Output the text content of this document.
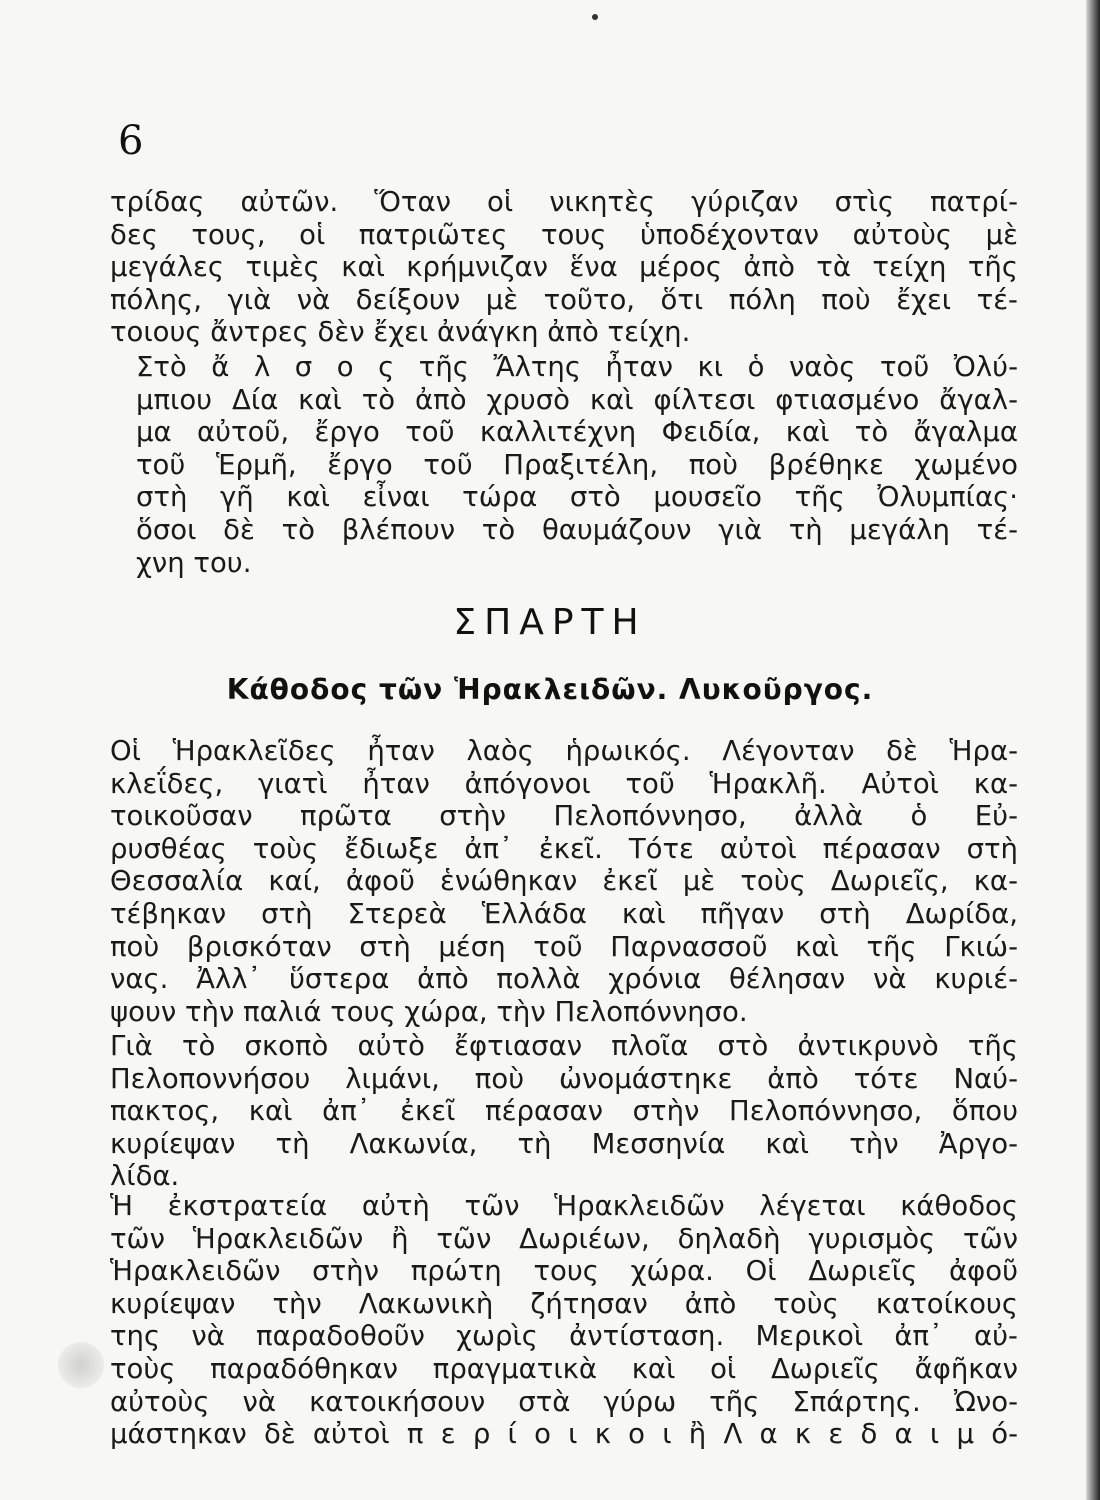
6

τρίδας αὐτῶν. Ὅταν οἱ νικητὲς γύριζαν στὶς πατρί-
δες τους, οἱ πατριῶτες τους ὑποδέχονταν αὐτοὺς μὲ
μεγάλες τιμὲς καὶ κρήμνιζαν ἕνα μέρος ἀπὸ τὰ τείχη τῆς
πόλης, γιὰ νὰ δείξουν μὲ τοῦτο, ὅτι πόλη ποὺ ἔχει τέ-
τοιους ἄντρες δὲν ἔχει ἀνάγκη ἀπὸ τείχη.

Στὸ ἄ λ σ ο ς τῆς Ἄλτης ἦταν κι ὁ ναὸς τοῦ Ὀλύ-
μπιου Δία καὶ τὸ ἀπὸ χρυσὸ καὶ φίλτεσι φτιασμένο ἄγαλ-
μα αὐτοῦ, ἔργο τοῦ καλλιτέχνη Φειδία, καὶ τὸ ἄγαλμα
τοῦ Ἑρμῆ, ἔργο τοῦ Πραξιτέλη, ποὺ βρέθηκε χωμένο
στὴ γῆ καὶ εἶναι τώρα στὸ μουσεῖο τῆς Ὀλυμπίας·
ὅσοι δὲ τὸ βλέπουν τὸ θαυμάζουν γιὰ τὴ μεγάλη τέ-
χνη του.

ΣΠΑΡΤΗ
Κάθοδος τῶν Ἡρακλειδῶν. Λυκοῦργος.

Οἱ Ἡρακλεῖδες ἦταν λαὸς ἡρωικός. Λέγονταν δὲ Ἡρα-
κλεΐδες, γιατὶ ἦταν ἀπόγονοι τοῦ Ἡρακλῆ. Αὐτοὶ κα-
τοικοῦσαν πρῶτα στὴν Πελοπόννησο, ἀλλὰ ὁ Εὐ-
ρυσθέας τοὺς ἔδιωξε ἀπ᾽ ἐκεῖ. Τότε αὐτοὶ πέρασαν στὴ
Θεσσαλία καί, ἀφοῦ ἑνώθηκαν ἐκεῖ μὲ τοὺς Δωριεῖς, κα-
τέβηκαν στὴ Στερεὰ Ἑλλάδα καὶ πῆγαν στὴ Δωρίδα,
ποὺ βρισκόταν στὴ μέση τοῦ Παρνασσοῦ καὶ τῆς Γκιώ-
νας. Ἀλλ᾽ ὕστερα ἀπὸ πολλὰ χρόνια θέλησαν νὰ κυριέ-
ψουν τὴν παλιά τους χώρα, τὴν Πελοπόννησο.

Γιὰ τὸ σκοπὸ αὐτὸ ἔφτιασαν πλοῖα στὸ ἀντικρυνὸ τῆς
Πελοποννήσου λιμάνι, ποὺ ὠνομάστηκε ἀπὸ τότε Ναύ-
πακτος, καὶ ἀπ᾽ ἐκεῖ πέρασαν στὴν Πελοπόννησο, ὅπου
κυρίεψαν τὴ Λακωνία, τὴ Μεσσηνία καὶ τὴν Ἀργο-
λίδα.

Ἡ ἐκστρατεία αὐτὴ τῶν Ἡρακλειδῶν λέγεται κάθοδος
τῶν Ἡρακλειδῶν ἢ τῶν Δωριέων, δηλαδὴ γυρισμὸς τῶν
Ἡρακλειδῶν στὴν πρώτη τους χώρα. Οἱ Δωριεῖς ἀφοῦ
κυρίεψαν τὴν Λακωνικὴ ζήτησαν ἀπὸ τοὺς κατοίκους
της νὰ παραδοθοῦν χωρὶς ἀντίσταση. Μερικοὶ ἀπ᾽ αὐ-
τοὺς παραδόθηκαν πραγματικὰ καὶ οἱ Δωριεῖς ἄφῆκαν
αὐτοὺς νὰ κατοικήσουν στὰ γύρω τῆς Σπάρτης. Ὠνο-
μάστηκαν δὲ αὐτοὶ π ε ρ ί ο ι κ ο ι ἢ Λ α κ ε δ α ι μ ό-
